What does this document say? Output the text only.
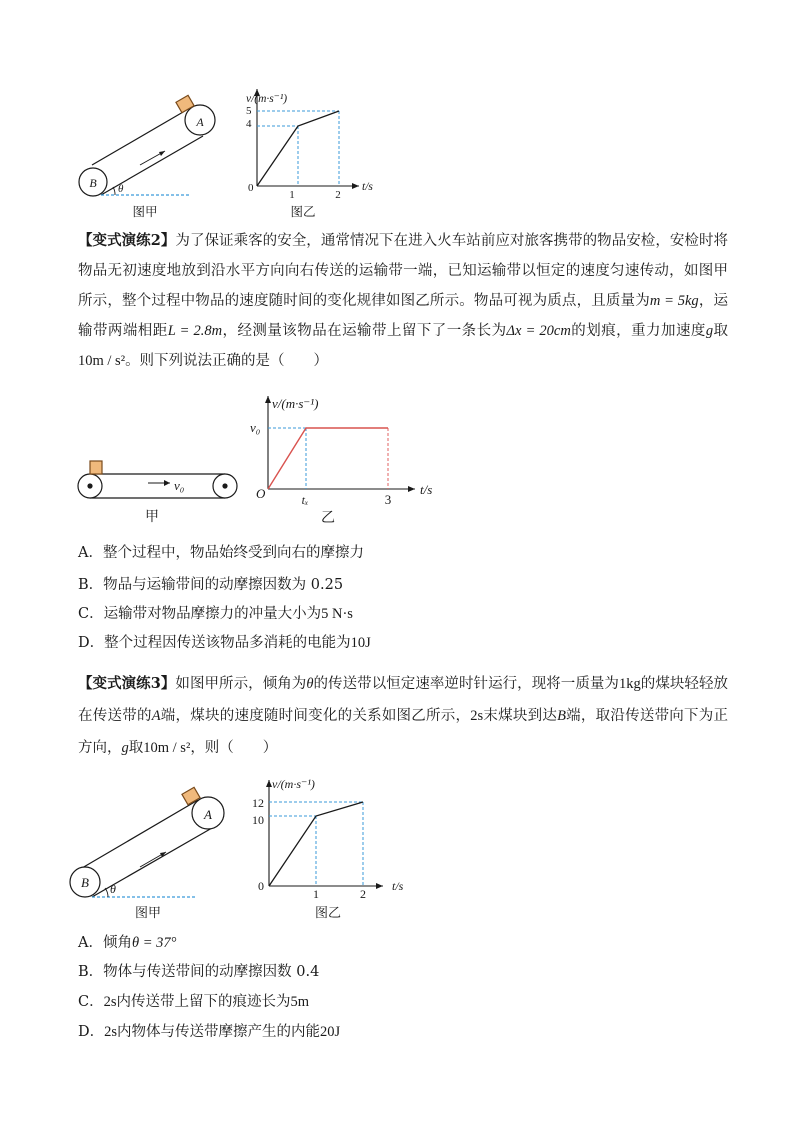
A
B θ
图甲
v/(m·s⁻¹)
t/s
0
5
4
1	2
图乙
【变式演练2】为了保证乘客的安全，通常情况下在进入火车站前应对旅客携带的物品安检，安检时将物品无初速度地放到沿水平方向向右传送的运输带一端，已知运输带以恒定的速度匀速传动，如图甲所示，整个过程中物品的速度随时间的变化规律如图乙所示。物品可视为质点，且质量为m = 5kg，运输带两端相距L = 2.8m，经测量该物品在运输带上留下了一条长为Δx = 20cm的划痕，重力加速度g取10m / s²。则下列说法正确的是（　　）
v₀
甲
v/(m·s⁻¹)
t/s
O
v₀
tₓ	3
乙
A．整个过程中，物品始终受到向右的摩擦力
B．物品与运输带间的动摩擦因数为 0.25
C．运输带对物品摩擦力的冲量大小为5 N·s
D．整个过程因传送该物品多消耗的电能为10J
【变式演练3】如图甲所示，倾角为θ的传送带以恒定速率逆时针运行，现将一质量为1kg的煤块轻轻放在传送带的A端，煤块的速度随时间变化的关系如图乙所示，2s末煤块到达B端，取沿传送带向下为正方向，g取10m / s²，则（　　）
A
B θ
图甲
v/(m·s⁻¹)
t/s
0
12
10
1	2
图乙
A．倾角θ = 37°
B．物体与传送带间的动摩擦因数 0.4
C．2s内传送带上留下的痕迹长为5m
D．2s内物体与传送带摩擦产生的内能20J
